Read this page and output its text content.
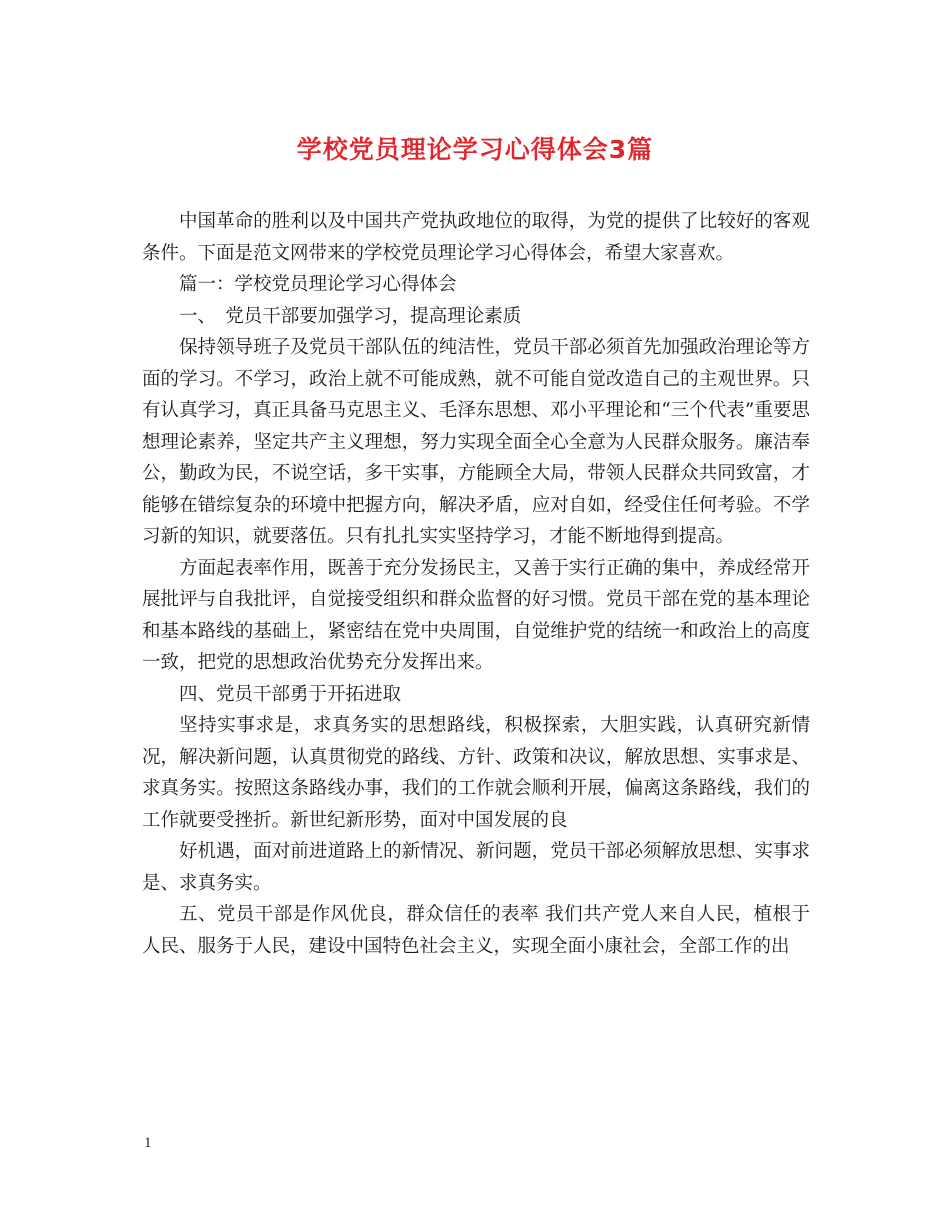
学校党员理论学习心得体会3篇

中国革命的胜利以及中国共产党执政地位的取得，为党的提供了比较好的客观条件。下面是范文网带来的学校党员理论学习心得体会，希望大家喜欢。

篇一：学校党员理论学习心得体会

一、　党员干部要加强学习，提高理论素质

保持领导班子及党员干部队伍的纯洁性，党员干部必须首先加强政治理论等方面的学习。不学习，政治上就不可能成熟，就不可能自觉改造自己的主观世界。只有认真学习，真正具备马克思主义、毛泽东思想、邓小平理论和“三个代表”重要思想理论素养，坚定共产主义理想，努力实现全面全心全意为人民群众服务。廉洁奉公，勤政为民，不说空话，多干实事，方能顾全大局，带领人民群众共同致富，才能够在错综复杂的环境中把握方向，解决矛盾，应对自如，经受住任何考验。不学习新的知识，就要落伍。只有扎扎实实坚持学习，才能不断地得到提高。

方面起表率作用，既善于充分发扬民主，又善于实行正确的集中，养成经常开展批评与自我批评，自觉接受组织和群众监督的好习惯。党员干部在党的基本理论和基本路线的基础上，紧密结在党中央周围，自觉维护党的结统一和政治上的高度一致，把党的思想政治优势充分发挥出来。

四、党员干部勇于开拓进取

坚持实事求是，求真务实的思想路线，积极探索，大胆实践，认真研究新情况，解决新问题，认真贯彻党的路线、方针、政策和决议，解放思想、实事求是、求真务实。按照这条路线办事，我们的工作就会顺利开展，偏离这条路线，我们的工作就要受挫折。新世纪新形势，面对中国发展的良

好机遇，面对前进道路上的新情况、新问题，党员干部必须解放思想、实事求是、求真务实。

五、党员干部是作风优良，群众信任的表率 我们共产党人来自人民，植根于人民、服务于人民，建设中国特色社会主义，实现全面小康社会，全部工作的出

1
